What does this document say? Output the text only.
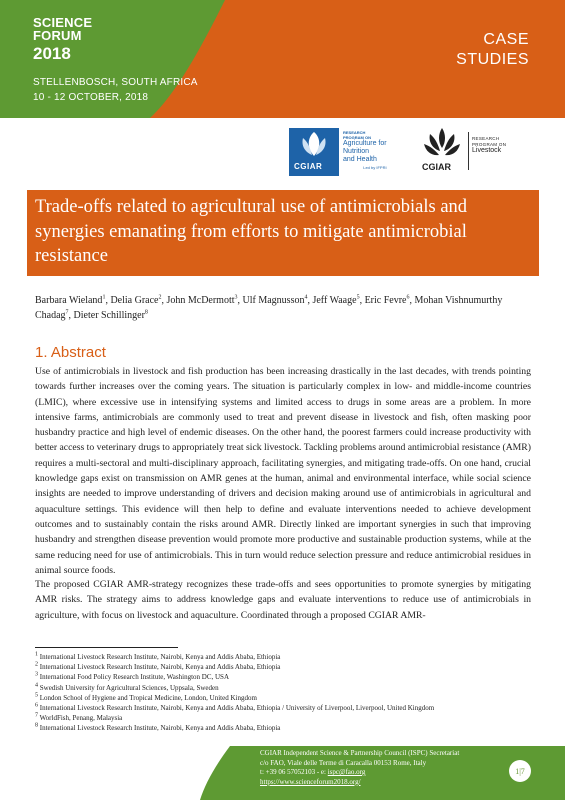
SCIENCE
FORUM
2018
STELLENBOSCH, SOUTH AFRICA
10 - 12 OCTOBER, 2018
CASE
STUDIES
CGIAR
RESEARCH
PROGRAM ON
Agriculture for
Nutrition
and Health
Led by IFPRI	CGIAR
RESEARCH
PROGRAM ON
Livestock
Trade-offs related to agricultural use of antimicrobials and synergies emanating from efforts to mitigate antimicrobial resistance
Barbara Wieland$^1$, Delia Grace$^2$, John McDermott$^3$, Ulf Magnusson$^4$, Jeff Waage$^5$, Eric Fevre$^6$, Mohan Vishnumurthy Chadag$^7$, Dieter Schillinger$^8$
1. Abstract

Use of antimicrobials in livestock and fish production has been increasing drastically in the last decades, with trends pointing towards further increases over the coming years. The situation is particularly complex in low- and middle-income countries (LMIC), where excessive use in intensifying systems and limited access to drugs in some areas are a problem. In more intensive farms, antimicrobials are commonly used to treat and prevent disease in livestock and fish, often masking poor husbandry practice and high level of endemic diseases. On the other hand, the poorest farmers could increase productivity with better access to veterinary drugs to appropriately treat sick livestock. Tackling problems around antimicrobial resistance (AMR) requires a multi-sectoral and multi-disciplinary approach, facilitating synergies, and mitigating trade-offs. On one hand, crucial knowledge gaps exist on transmission on AMR genes at the human, animal and environmental interface, while social science insights are needed to improve understanding of drivers and decision making around use of antimicrobials in agricultural and aquaculture settings. This evidence will then help to define and evaluate interventions needed to achieve development outcomes and to sustainably contain the risks around AMR. Directly linked are important synergies in such that improving husbandry and strengthen disease prevention would promote more productive and sustainable production systems, while at the same reducing need for use of antimicrobials. This in turn would reduce selection pressure and reduce antimicrobial residues in animal source foods.

The proposed CGIAR AMR-strategy recognizes these trade-offs and sees opportunities to promote synergies by mitigating AMR risks. The strategy aims to address knowledge gaps and evaluate interventions to reduce use of antimicrobials in agriculture, with focus on livestock and aquaculture. Coordinated through a proposed CGIAR AMR-

$^1$ International Livestock Research Institute, Nairobi, Kenya and Addis Ababa, Ethiopia
$^2$ International Livestock Research Institute, Nairobi, Kenya and Addis Ababa, Ethiopia
$^3$ International Food Policy Research Institute, Washington DC, USA
$^4$ Swedish University for Agricultural Sciences, Uppsala, Sweden
$^5$ London School of Hygiene and Tropical Medicine, London, United Kingdom
$^6$ International Livestock Research Institute, Nairobi, Kenya and Addis Ababa, Ethiopia / University of Liverpool, Liverpool, United Kingdom
$^7$ WorldFish, Penang, Malaysia
$^8$ International Livestock Research Institute, Nairobi, Kenya and Addis Ababa, Ethiopia
CGIAR Independent Science & Partnership Council (ISPC) Secretariat
c/o FAO, Viale delle Terme di Caracalla 00153 Rome, Italy
t: +39 06 57052103 - e: ispc@fao.org
https://www.scienceforum2018.org/
1|7
